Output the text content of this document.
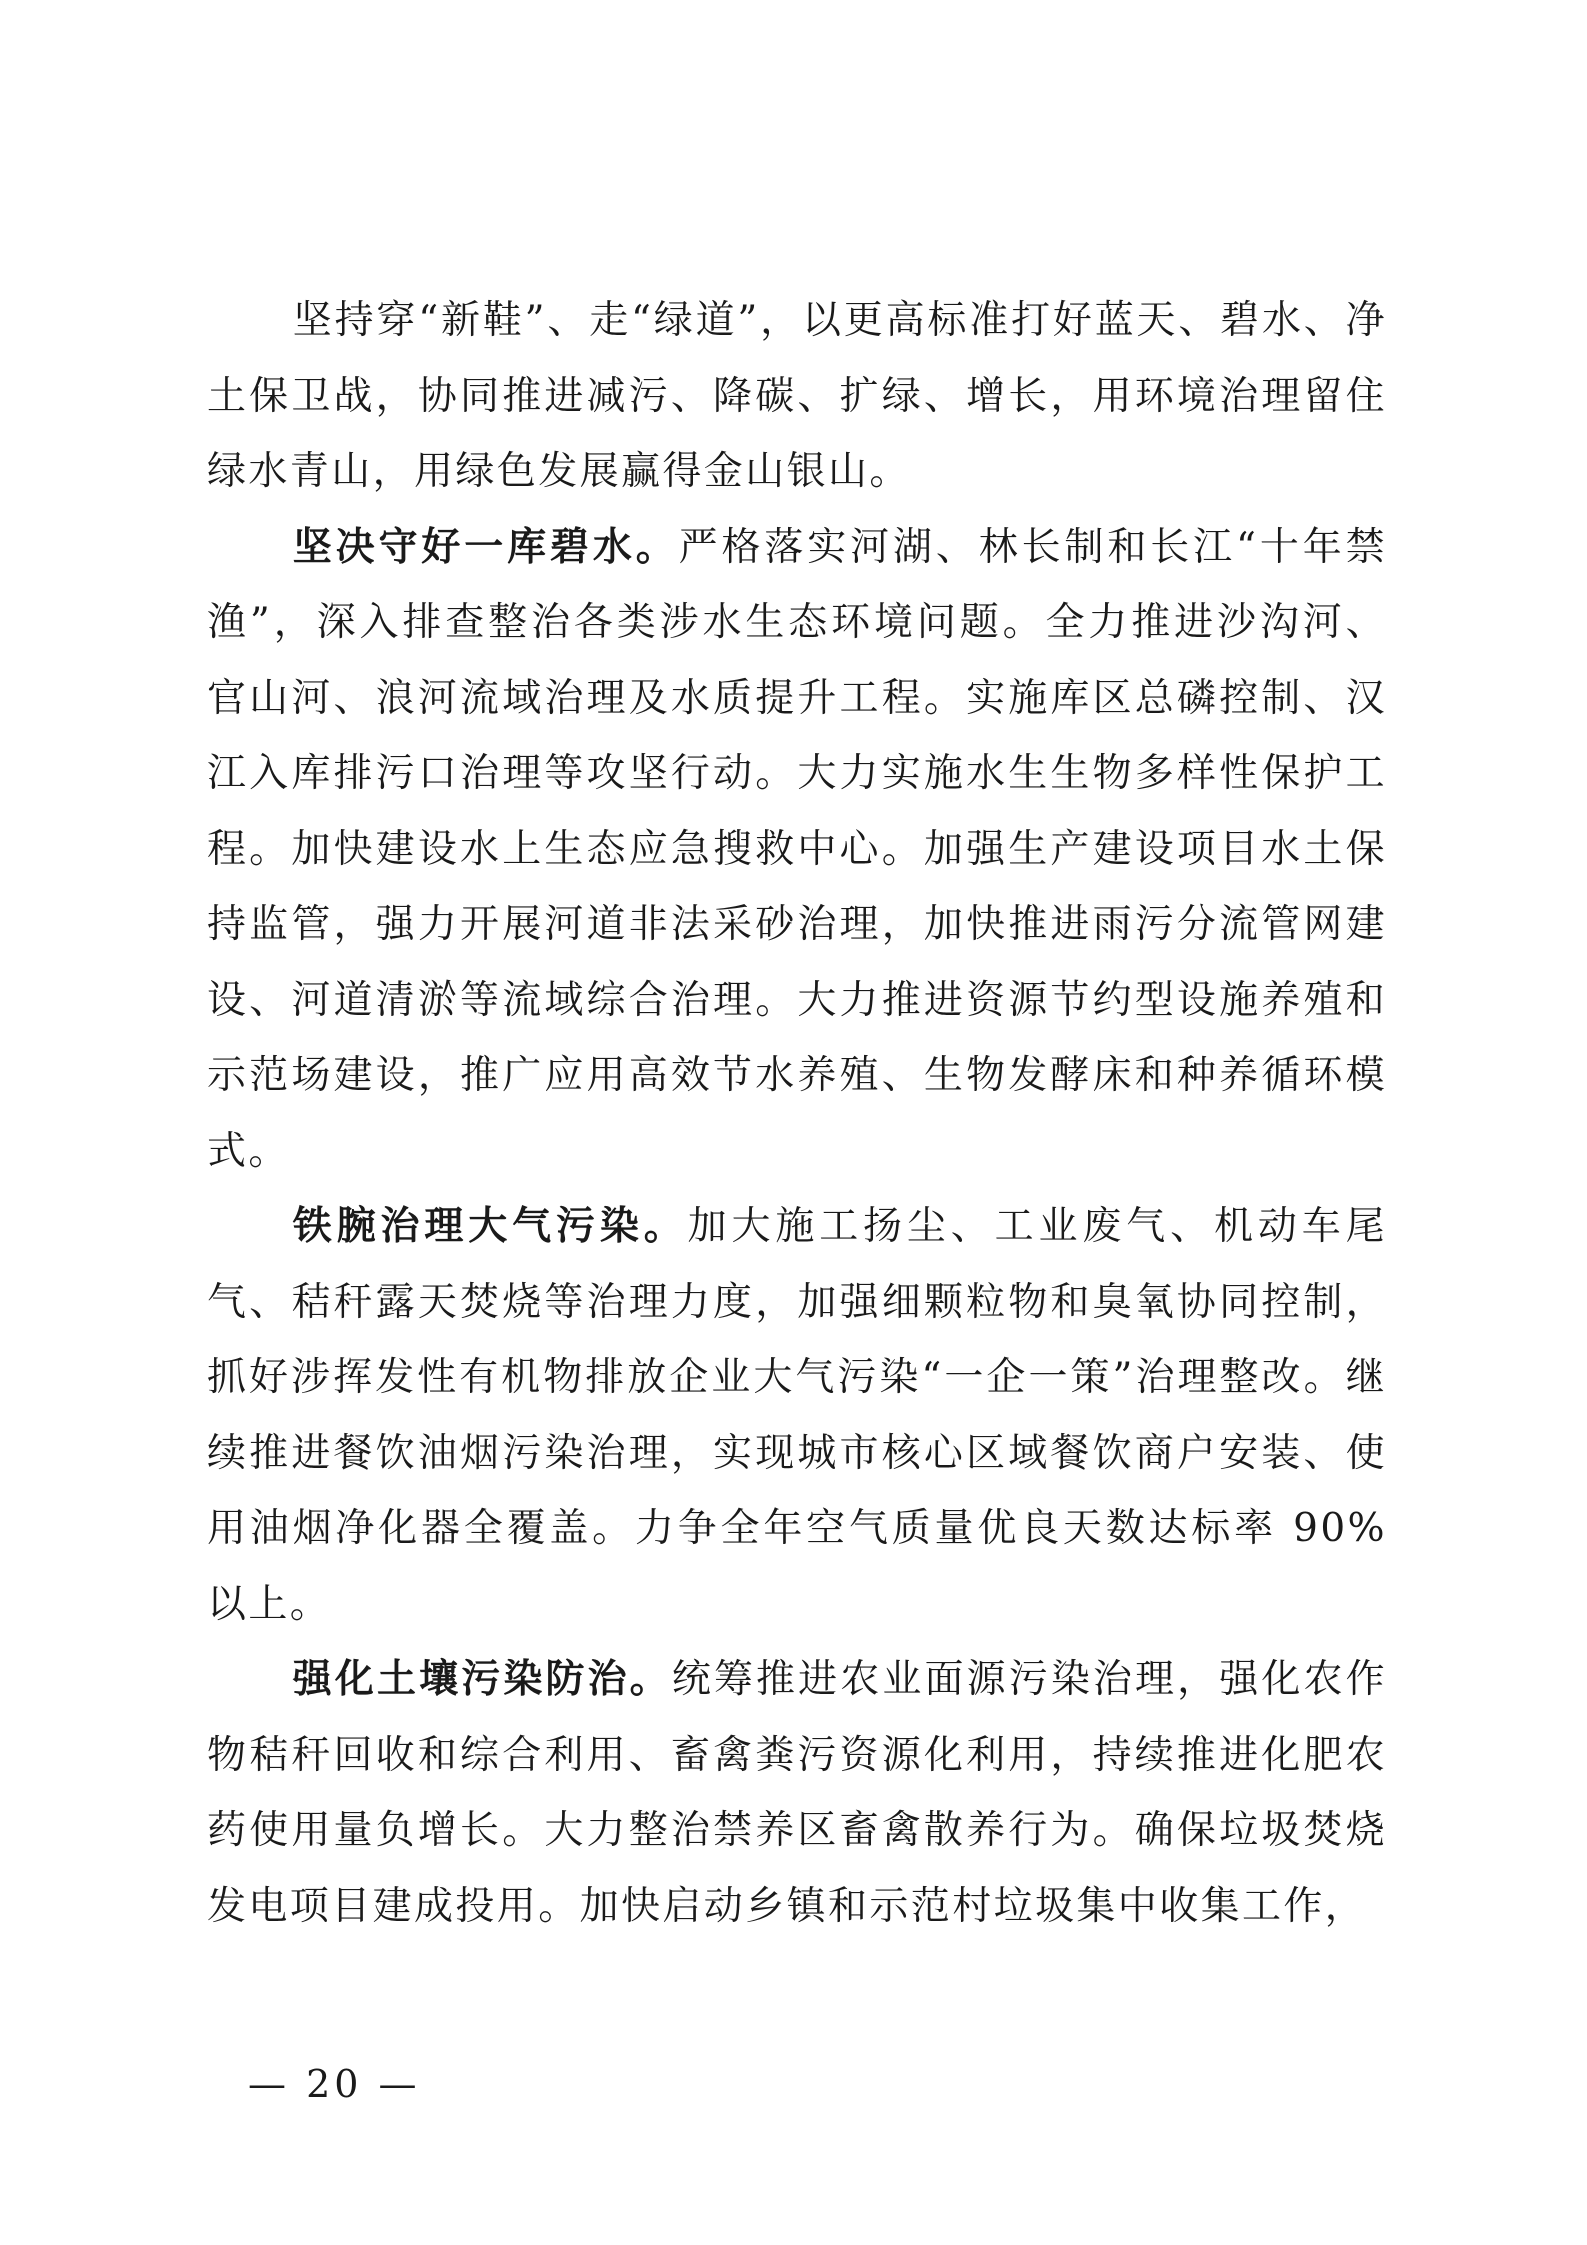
坚持穿“新鞋”、走“绿道”，以更高标准打好蓝天、碧水、净土保卫战，协同推进减污、降碳、扩绿、增长，用环境治理留住绿水青山，用绿色发展赢得金山银山。

坚决守好一库碧水。严格落实河湖、林长制和长江“十年禁渔”，深入排查整治各类涉水生态环境问题。全力推进沙沟河、官山河、浪河流域治理及水质提升工程。实施库区总磷控制、汉江入库排污口治理等攻坚行动。大力实施水生生物多样性保护工程。加快建设水上生态应急搜救中心。加强生产建设项目水土保持监管，强力开展河道非法采砂治理，加快推进雨污分流管网建设、河道清淤等流域综合治理。大力推进资源节约型设施养殖和示范场建设，推广应用高效节水养殖、生物发酵床和种养循环模式。

铁腕治理大气污染。加大施工扬尘、工业废气、机动车尾气、秸秆露天焚烧等治理力度，加强细颗粒物和臭氧协同控制，抓好涉挥发性有机物排放企业大气污染“一企一策”治理整改。继续推进餐饮油烟污染治理，实现城市核心区域餐饮商户安装、使用油烟净化器全覆盖。力争全年空气质量优良天数达标率 90%以上。

强化土壤污染防治。统筹推进农业面源污染治理，强化农作物秸秆回收和综合利用、畜禽粪污资源化利用，持续推进化肥农药使用量负增长。大力整治禁养区畜禽散养行为。确保垃圾焚烧发电项目建成投用。加快启动乡镇和示范村垃圾集中收集工作，

— 20 —
